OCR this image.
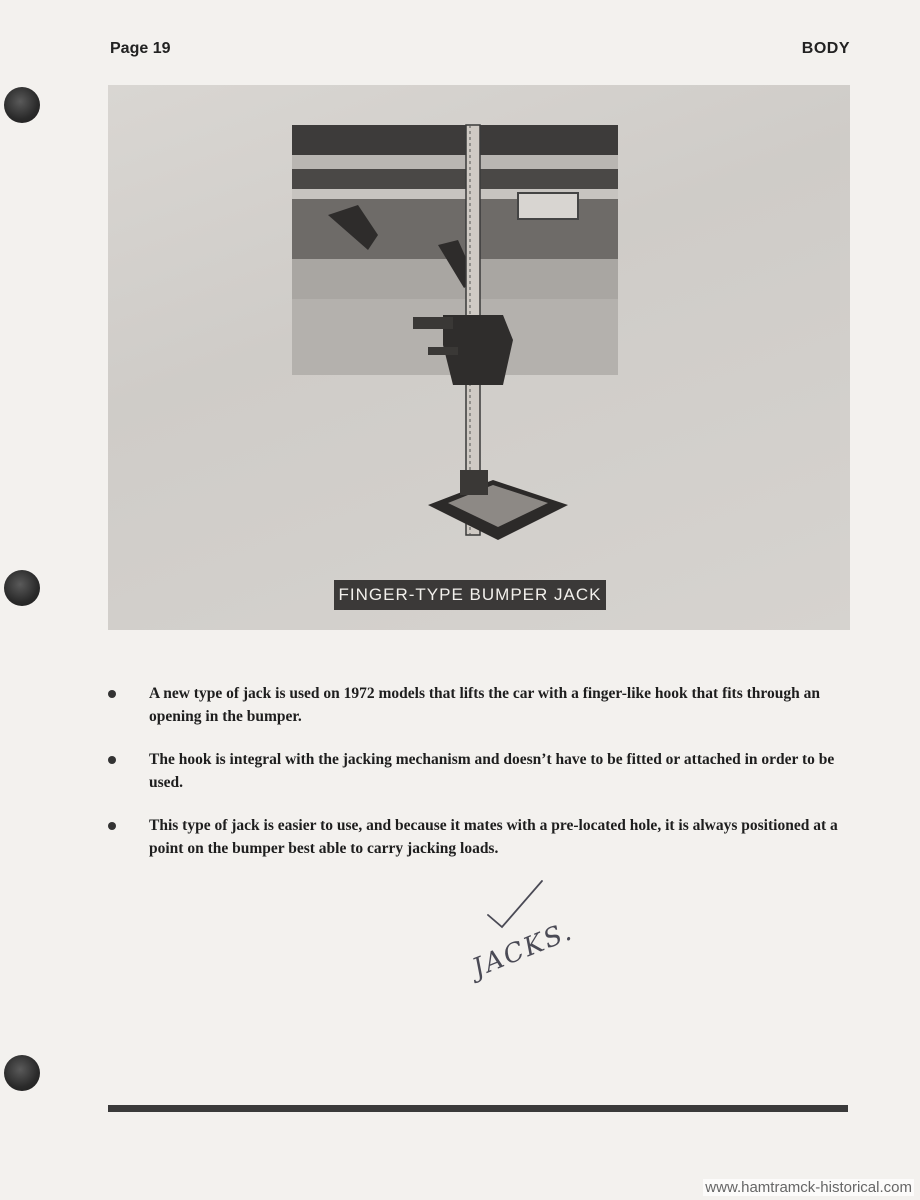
Page 19	BODY
FINGER-TYPE BUMPER JACK
A new type of jack is used on 1972 models that lifts the car with a finger-like hook that fits through an opening in the bumper.
The hook is integral with the jacking mechanism and doesn’t have to be fitted or attached in order to be used.
This type of jack is easier to use, and because it mates with a pre-located hole, it is always positioned at a point on the bumper best able to carry jacking loads.
JACKS.
www.hamtramck-historical.com
